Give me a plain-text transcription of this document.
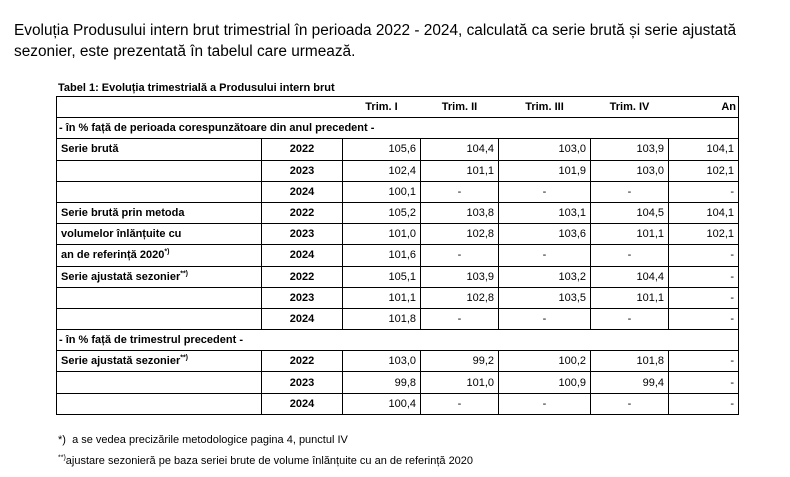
Evoluția Produsului intern brut trimestrial în perioada 2022 - 2024, calculată ca serie brută și serie ajustată sezonier, este prezentată în tabelul care urmează.

Tabel 1: Evoluția trimestrială a Produsului intern brut
		Trim. I	Trim. II	Trim. III	Trim. IV	An
- în % față de perioada corespunzătoare din anul precedent -						
Serie brută	2022	105,6	104,4	103,0	103,9	104,1
	2023	102,4	101,1	101,9	103,0	102,1
	2024	100,1	-	-	-	-
Serie brută prin metoda	2022	105,2	103,8	103,1	104,5	104,1
volumelor înlănțuite cu	2023	101,0	102,8	103,6	101,1	102,1
an de referință 2020*)	2024	101,6	-	-	-	-
Serie ajustată sezonier**)	2022	105,1	103,9	103,2	104,4	-
	2023	101,1	102,8	103,5	101,1	-
	2024	101,8	-	-	-	-
- în % față de trimestrul precedent -						
Serie ajustată sezonier**)	2022	103,0	99,2	100,2	101,8	-
	2023	99,8	101,0	100,9	99,4	-
	2024	100,4	-	-	-	-
*) a se vedea precizările metodologice pagina 4, punctul IV
**)ajustare sezonieră pe baza seriei brute de volume înlănțuite cu an de referință 2020
